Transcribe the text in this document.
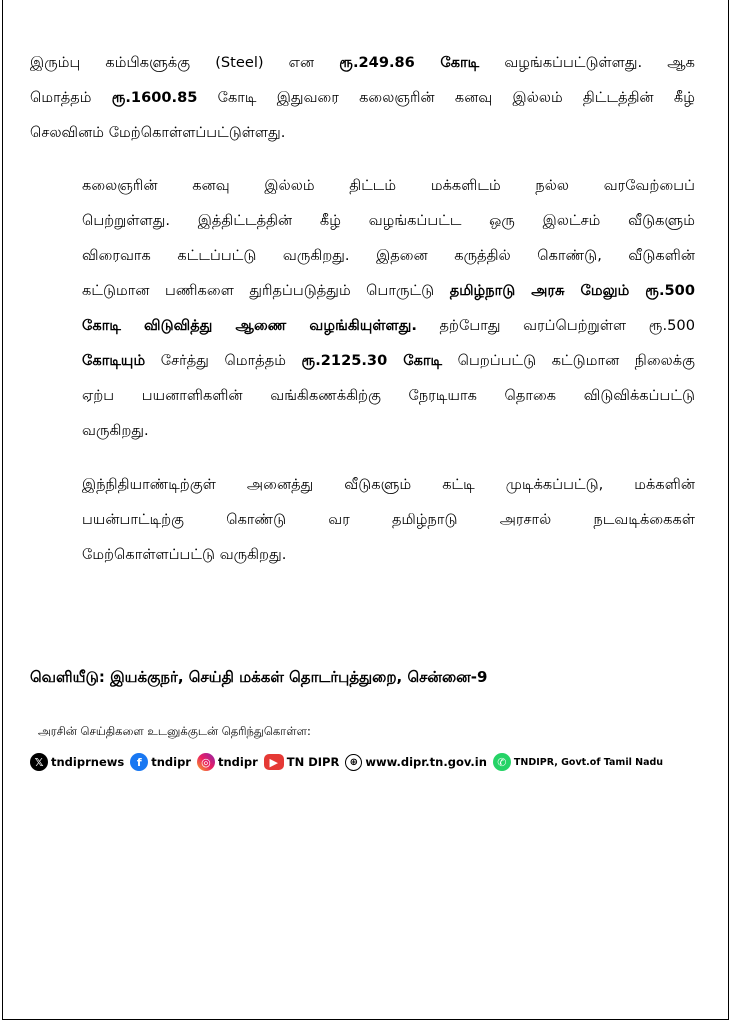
இரும்பு கம்பிகளுக்கு (Steel) என ரூ.249.86 கோடி வழங்கப்பட்டுள்ளது. ஆக
மொத்தம் ரூ.1600.85 கோடி இதுவரை கலைஞரின் கனவு இல்லம் திட்டத்தின் கீழ்
செலவினம் மேற்கொள்ளப்பட்டுள்ளது.
கலைஞரின் கனவு இல்லம் திட்டம் மக்களிடம் நல்ல வரவேற்பைப்
பெற்றுள்ளது. இத்திட்டத்தின் கீழ் வழங்கப்பட்ட ஒரு இலட்சம் வீடுகளும்
விரைவாக கட்டப்பட்டு வருகிறது. இதனை கருத்தில் கொண்டு, வீடுகளின்
கட்டுமான பணிகளை துரிதப்படுத்தும் பொருட்டு தமிழ்நாடு அரசு மேலும் ரூ.500
கோடி விடுவித்து ஆணை வழங்கியுள்ளது. தற்போது வரப்பெற்றுள்ள ரூ.500
கோடியும் சேர்த்து மொத்தம் ரூ.2125.30 கோடி பெறப்பட்டு கட்டுமான நிலைக்கு
ஏற்ப பயனாளிகளின் வங்கிகணக்கிற்கு நேரடியாக தொகை விடுவிக்கப்பட்டு
வருகிறது.
இந்நிதியாண்டிற்குள் அனைத்து வீடுகளும் கட்டி முடிக்கப்பட்டு, மக்களின்
பயன்பாட்டிற்கு கொண்டு வர தமிழ்நாடு அரசால் நடவடிக்கைகள்
மேற்கொள்ளப்பட்டு வருகிறது.
வெளியீடு: இயக்குநர், செய்தி மக்கள் தொடர்புத்துறை, சென்னை-9
அரசின் செய்திகளை உடனுக்குடன் தெரிந்துகொள்ள:
𝕏 tndiprnews	f tndipr ◎ tndipr	▶ TN DIPR	⊕ www.dipr.tn.gov.in ✆ TNDIPR, Govt.of Tamil Nadu
